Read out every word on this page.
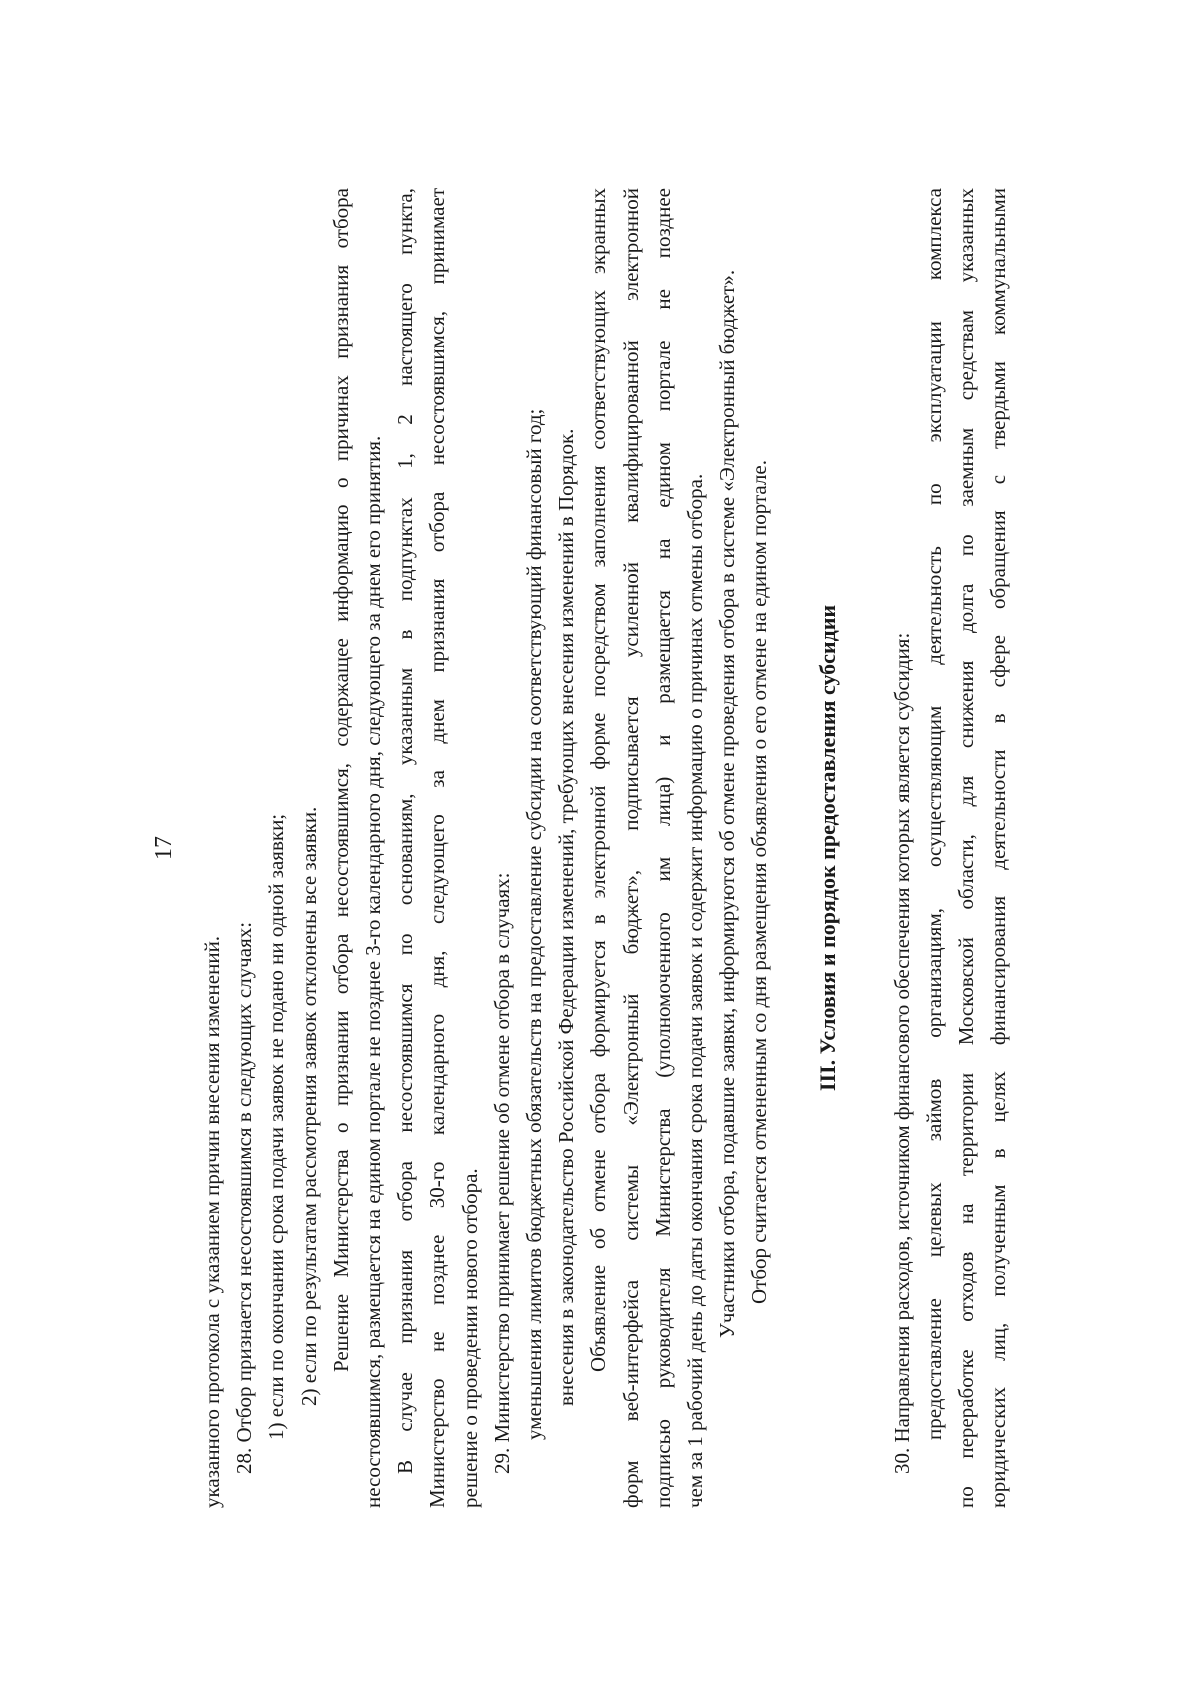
17
указанного протокола с указанием причин внесения изменений. 28. Отбор признается несостоявшимся в следующих случаях: 1) если по окончании срока подачи заявок не подано ни одной заявки; 2) если по результатам рассмотрения заявок отклонены все заявки. Решение Министерства о признании отбора несостоявшимся, содержащее информацию о причинах признания отбора несостоявшимся, размещается на едином портале не позднее 3-го календарного дня, следующего за днем его принятия. В случае признания отбора несостоявшимся по основаниям, указанным в подпунктах 1, 2 настоящего пункта, Министерство не позднее 30-го календарного дня, следующего за днем признания отбора несостоявшимся, принимает решение о проведении нового отбора. 29. Министерство принимает решение об отмене отбора в случаях: уменьшения лимитов бюджетных обязательств на предоставление субсидии на соответствующий финансовый год; внесения в законодательство Российской Федерации изменений, требующих внесения изменений в Порядок. Объявление об отмене отбора формируется в электронной форме посредством заполнения соответствующих экранных форм веб-интерфейса системы «Электронный бюджет», подписывается усиленной квалифицированной электронной подписью руководителя Министерства (уполномоченного им лица) и размещается на едином портале не позднее чем за 1 рабочий день до даты окончания срока подачи заявок и содержит информацию о причинах отмены отбора. Участники отбора, подавшие заявки, информируются об отмене проведения отбора в системе «Электронный бюджет». Отбор считается отмененным со дня размещения объявления о его отмене на едином портале. III. Условия и порядок предоставления субсидии 30. Направления расходов, источником финансового обеспечения которых является субсидия: предоставление целевых займов организациям, осуществляющим деятельность по эксплуатации комплекса по переработке отходов на территории Московской области, для снижения долга по заемным средствам указанных юридических лиц, полученным в целях финансирования деятельности в сфере обращения с твердыми коммунальными
